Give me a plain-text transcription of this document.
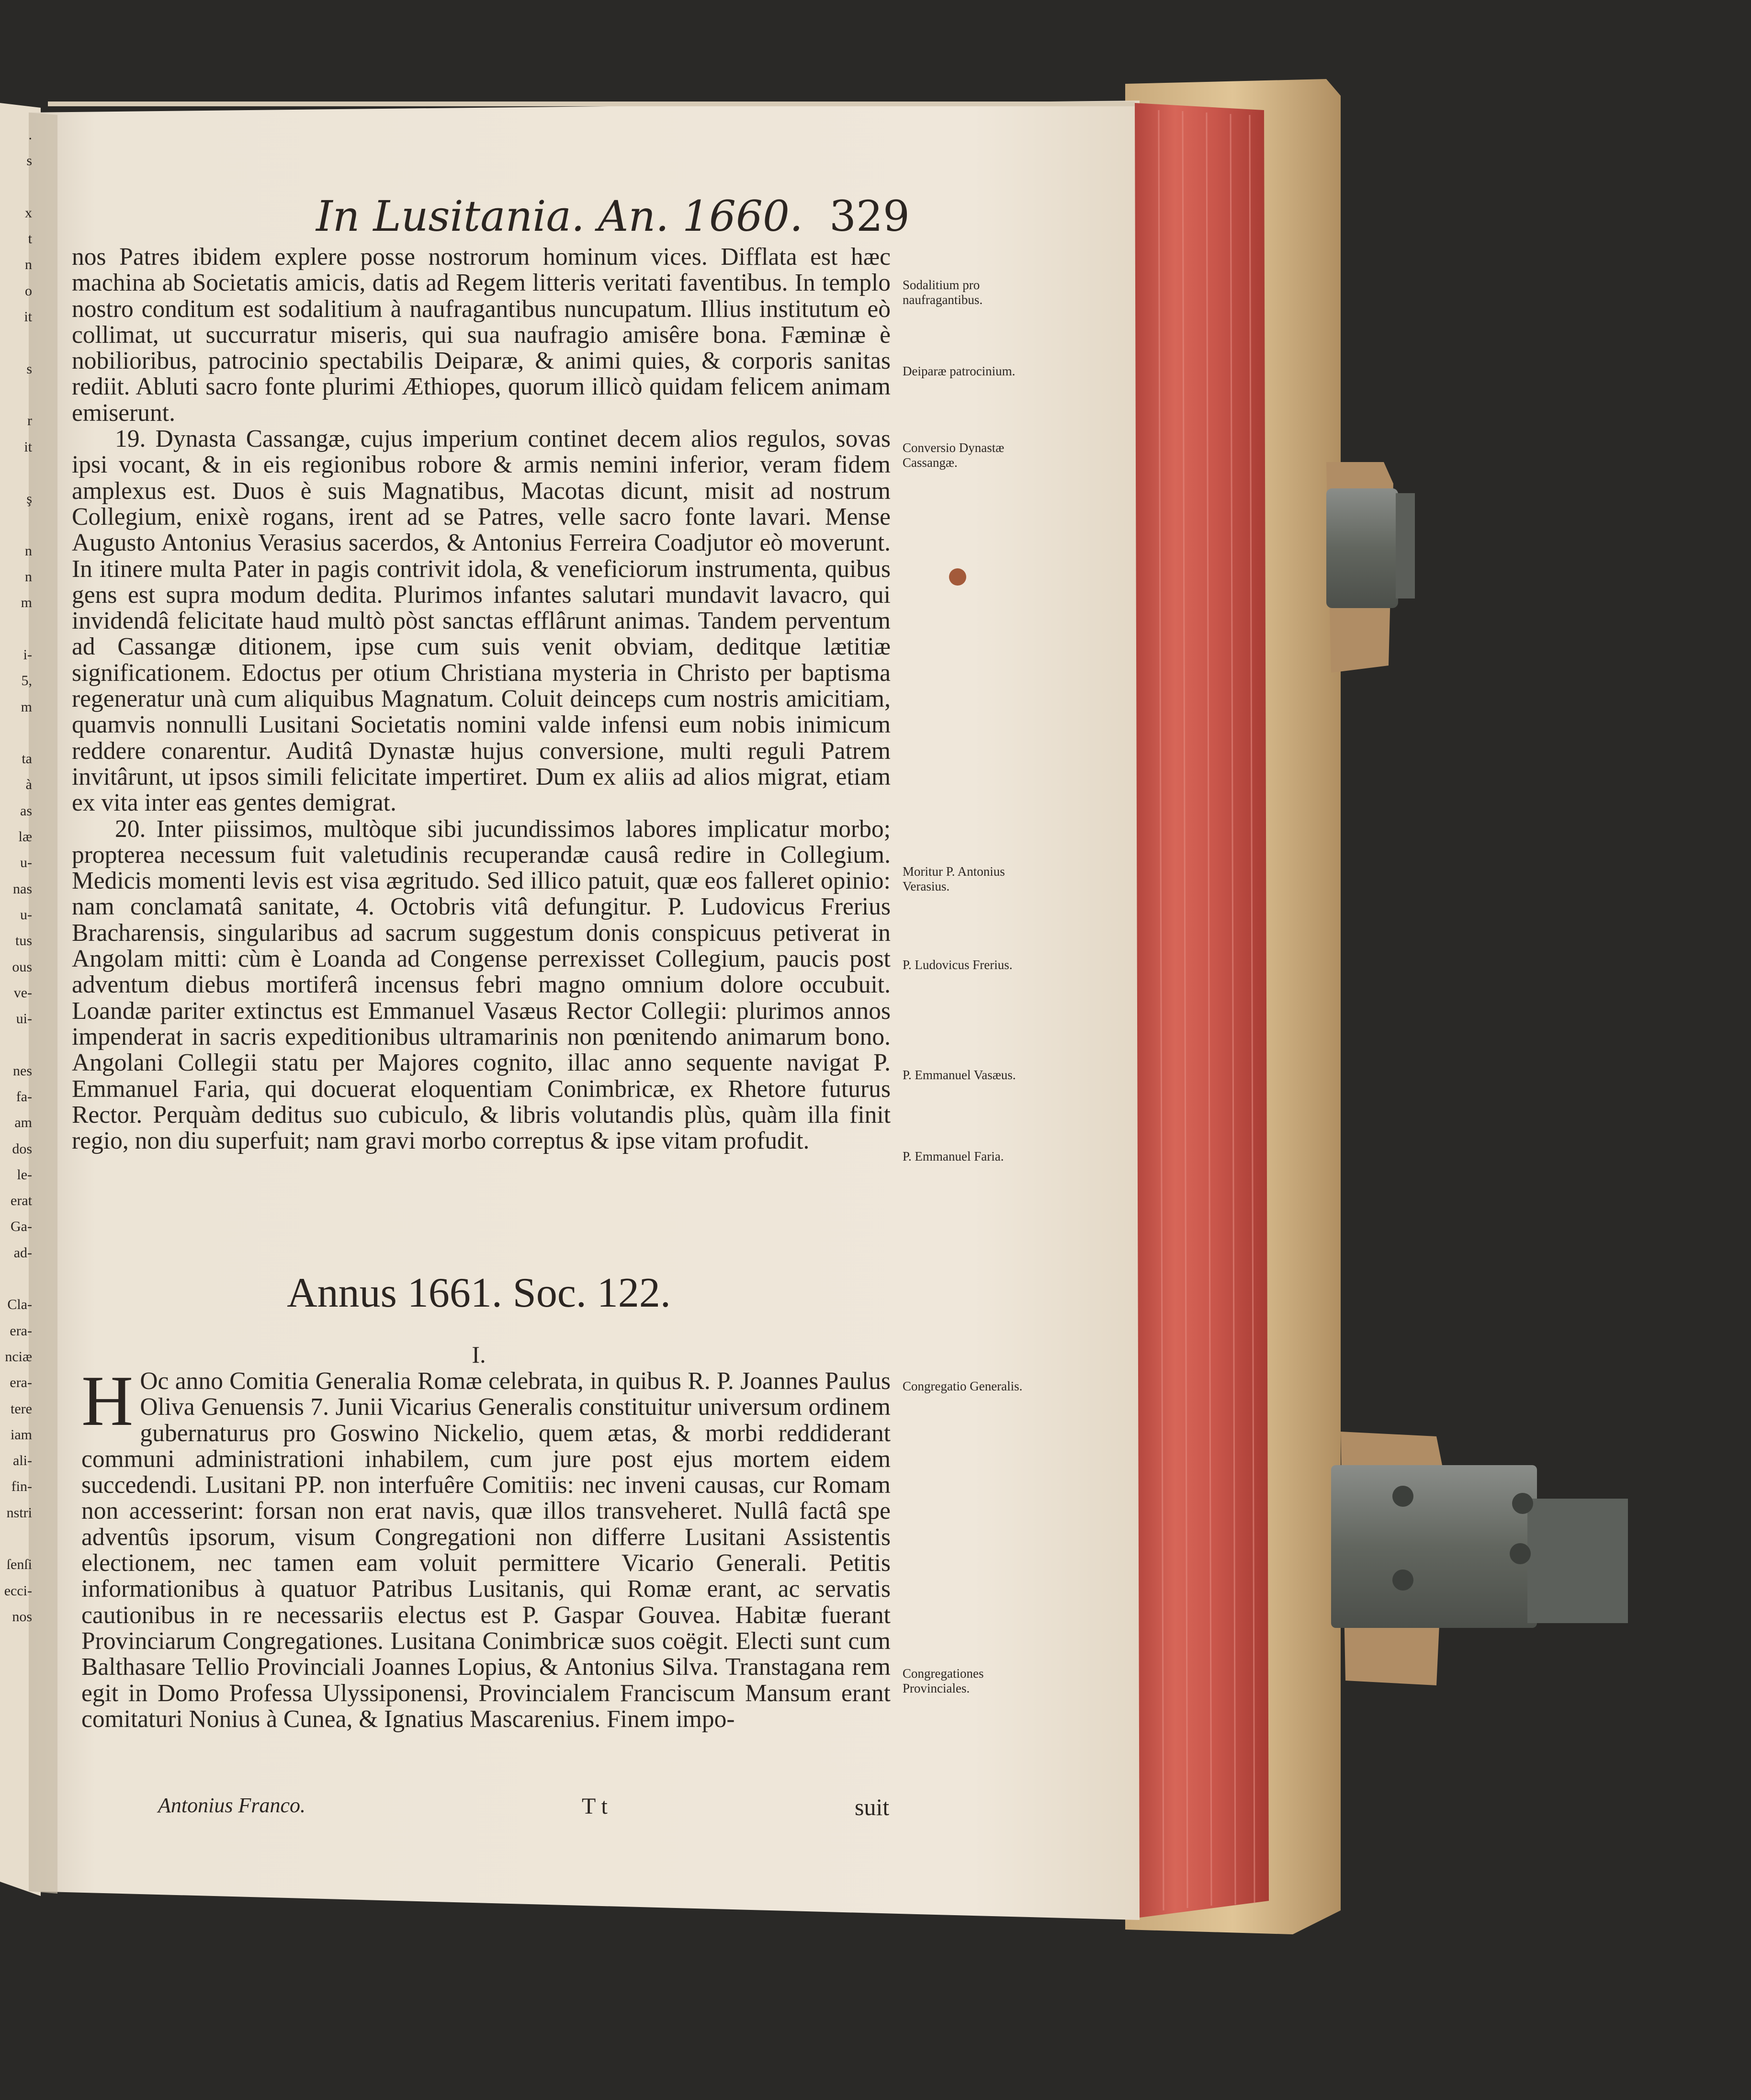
.
s
x
t
n
o
it
s
r
it
ş
n
n
m
i-
5,
m
ta
à
as
læ
u-
nas
u-
tus
ous
ve-
ui-
nes
fa-
am
dos
le-
erat
Ga-
ad-
Cla-
era-
nciæ
era-
tere
iam
ali-
fin-
nstri
ſenſi
ecci-
nos
In Lusitania. An. 1660. 329

nos Patres ibidem explere posse nostrorum hominum vices. Difflata est hæc machina ab Societatis amicis, datis ad Regem litteris veritati faventibus. In templo nostro conditum est sodalitium à naufragantibus nuncupatum. Illius institutum eò collimat, ut succurratur miseris, qui sua naufragio amisêre bona. Fæminæ è nobilioribus, patrocinio spectabilis Deiparæ, & animi quies, & corporis sanitas rediit. Abluti sacro fonte plurimi Æthiopes, quorum illicò quidam felicem animam emiserunt.

19. Dynasta Cassangæ, cujus imperium continet decem alios regulos, sovas ipsi vocant, & in eis regionibus robore & armis nemini inferior, veram fidem amplexus est. Duos è suis Magnatibus, Macotas dicunt, misit ad nostrum Collegium, enixè rogans, irent ad se Patres, velle sacro fonte lavari. Mense Augusto Antonius Verasius sacerdos, & Antonius Ferreira Coadjutor eò moverunt. In itinere multa Pater in pagis contrivit idola, & veneficiorum instrumenta, quibus gens est supra modum dedita. Plurimos infantes salutari mundavit lavacro, qui invidendâ felicitate haud multò pòst sanctas efflârunt animas. Tandem perventum ad Cassangæ ditionem, ipse cum suis venit obviam, deditque lætitiæ significationem. Edoctus per otium Christiana mysteria in Christo per baptisma regeneratur unà cum aliquibus Magnatum. Coluit deinceps cum nostris amicitiam, quamvis nonnulli Lusitani Societatis nomini valde infensi eum nobis inimicum reddere conarentur. Auditâ Dynastæ hujus conversione, multi reguli Patrem invitârunt, ut ipsos simili felicitate impertiret. Dum ex aliis ad alios migrat, etiam ex vita inter eas gentes demigrat.

20. Inter piissimos, multòque sibi jucundissimos labores implicatur morbo; propterea necessum fuit valetudinis recuperandæ causâ redire in Collegium. Medicis momenti levis est visa ægritudo. Sed illico patuit, quæ eos falleret opinio: nam conclamatâ sanitate, 4. Octobris vitâ defungitur. P. Ludovicus Frerius Bracharensis, singularibus ad sacrum suggestum donis conspicuus petiverat in Angolam mitti: cùm è Loanda ad Congense perrexisset Collegium, paucis post adventum diebus mortiferâ incensus febri magno omnium dolore occubuit. Loandæ pariter extinctus est Emmanuel Vasæus Rector Collegii: plurimos annos impenderat in sacris expeditionibus ultramarinis non pœnitendo animarum bono. Angolani Collegii statu per Majores cognito, illac anno sequente navigat P. Emmanuel Faria, qui docuerat eloquentiam Conimbricæ, ex Rhetore futurus Rector. Perquàm deditus suo cubiculo, & libris volutandis plùs, quàm illa finit regio, non diu superfuit; nam gravi morbo correptus & ipse vitam profudit.

Annus 1661. Soc. 122.
I.

H Oc anno Comitia Generalia Romæ celebrata, in quibus R. P. Joannes Paulus Oliva Genuensis 7. Junii Vicarius Generalis constituitur universum ordinem gubernaturus pro Goswino Nickelio, quem ætas, & morbi reddiderant communi administrationi inhabilem, cum jure post ejus mortem eidem succedendi. Lusitani PP. non interfuêre Comitiis: nec inveni causas, cur Romam non accesserint: forsan non erat navis, quæ illos transveheret. Nullâ factâ spe adventûs ipsorum, visum Congregationi non differre Lusitani Assistentis electionem, nec tamen eam voluit permittere Vicario Generali. Petitis informationibus à quatuor Patribus Lusitanis, qui Romæ erant, ac servatis cautionibus in re necessariis electus est P. Gaspar Gouvea. Habitæ fuerant Provinciarum Congregationes. Lusitana Conimbricæ suos coëgit. Electi sunt cum Balthasare Tellio Provinciali Joannes Lopius, & Antonius Silva. Transtagana rem egit in Domo Professa Ulyssiponensi, Provincialem Franciscum Mansum erant comitaturi Nonius à Cunea, & Ignatius Mascarenius. Finem impo-

Sodalitium pro naufragantibus.
Deiparæ patrocinium.
Conversio Dynastæ Cassangæ.
Moritur P. Antonius Verasius.
P. Ludovicus Frerius.
P. Emmanuel Vasæus.
P. Emmanuel Faria.
Congregatio Generalis.
Congregationes Provinciales.
Antonius Franco.	T t	suit
